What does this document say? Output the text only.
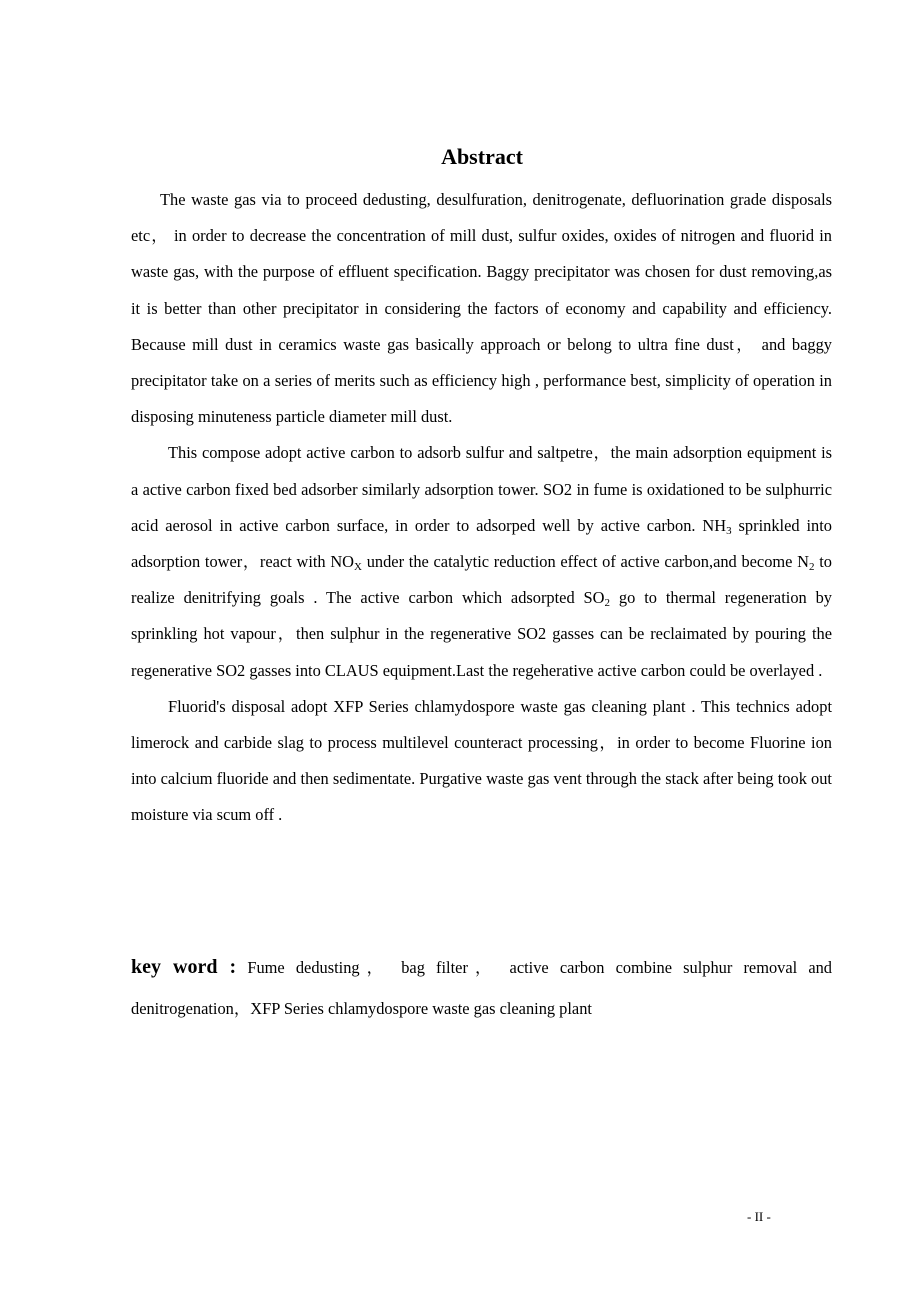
Abstract

The waste gas via to proceed dedusting, desulfuration, denitrogenate, defluorination grade disposals etc， in order to decrease the concentration of mill dust, sulfur oxides, oxides of nitrogen and fluorid in waste gas, with the purpose of effluent specification. Baggy precipitator was chosen for dust removing,as it is better than other precipitator in considering the factors of economy and capability and efficiency. Because mill dust in ceramics waste gas basically approach or belong to ultra fine dust， and baggy precipitator take on a series of merits such as efficiency high , performance best, simplicity of operation in disposing minuteness particle diameter mill dust.

This compose adopt active carbon to adsorb sulfur and saltpetre，the main adsorption equipment is a active carbon fixed bed adsorber similarly adsorption tower. SO2 in fume is oxidationed to be sulphurric acid aerosol in active carbon surface, in order to adsorped well by active carbon. $NH_3$ sprinkled into adsorption tower，react with $NO_X$ under the catalytic reduction effect of active carbon,and become $N_2$ to realize denitrifying goals . The active carbon which adsorpted $SO_2$ go to thermal regeneration by sprinkling hot vapour，then sulphur in the regenerative SO2 gasses can be reclaimated by pouring the regenerative SO2 gasses into CLAUS equipment.Last the regeherative active carbon could be overlayed .

Fluorid's disposal adopt XFP Series chlamydospore waste gas cleaning plant . This technics adopt limerock and carbide slag to process multilevel counteract processing，in order to become Fluorine ion into calcium fluoride and then sedimentate. Purgative waste gas vent through the stack after being took out moisture via scum off .

key word : Fume dedusting， bag filter， active carbon combine sulphur removal and denitrogenation，XFP Series chlamydospore waste gas cleaning plant
- II -
